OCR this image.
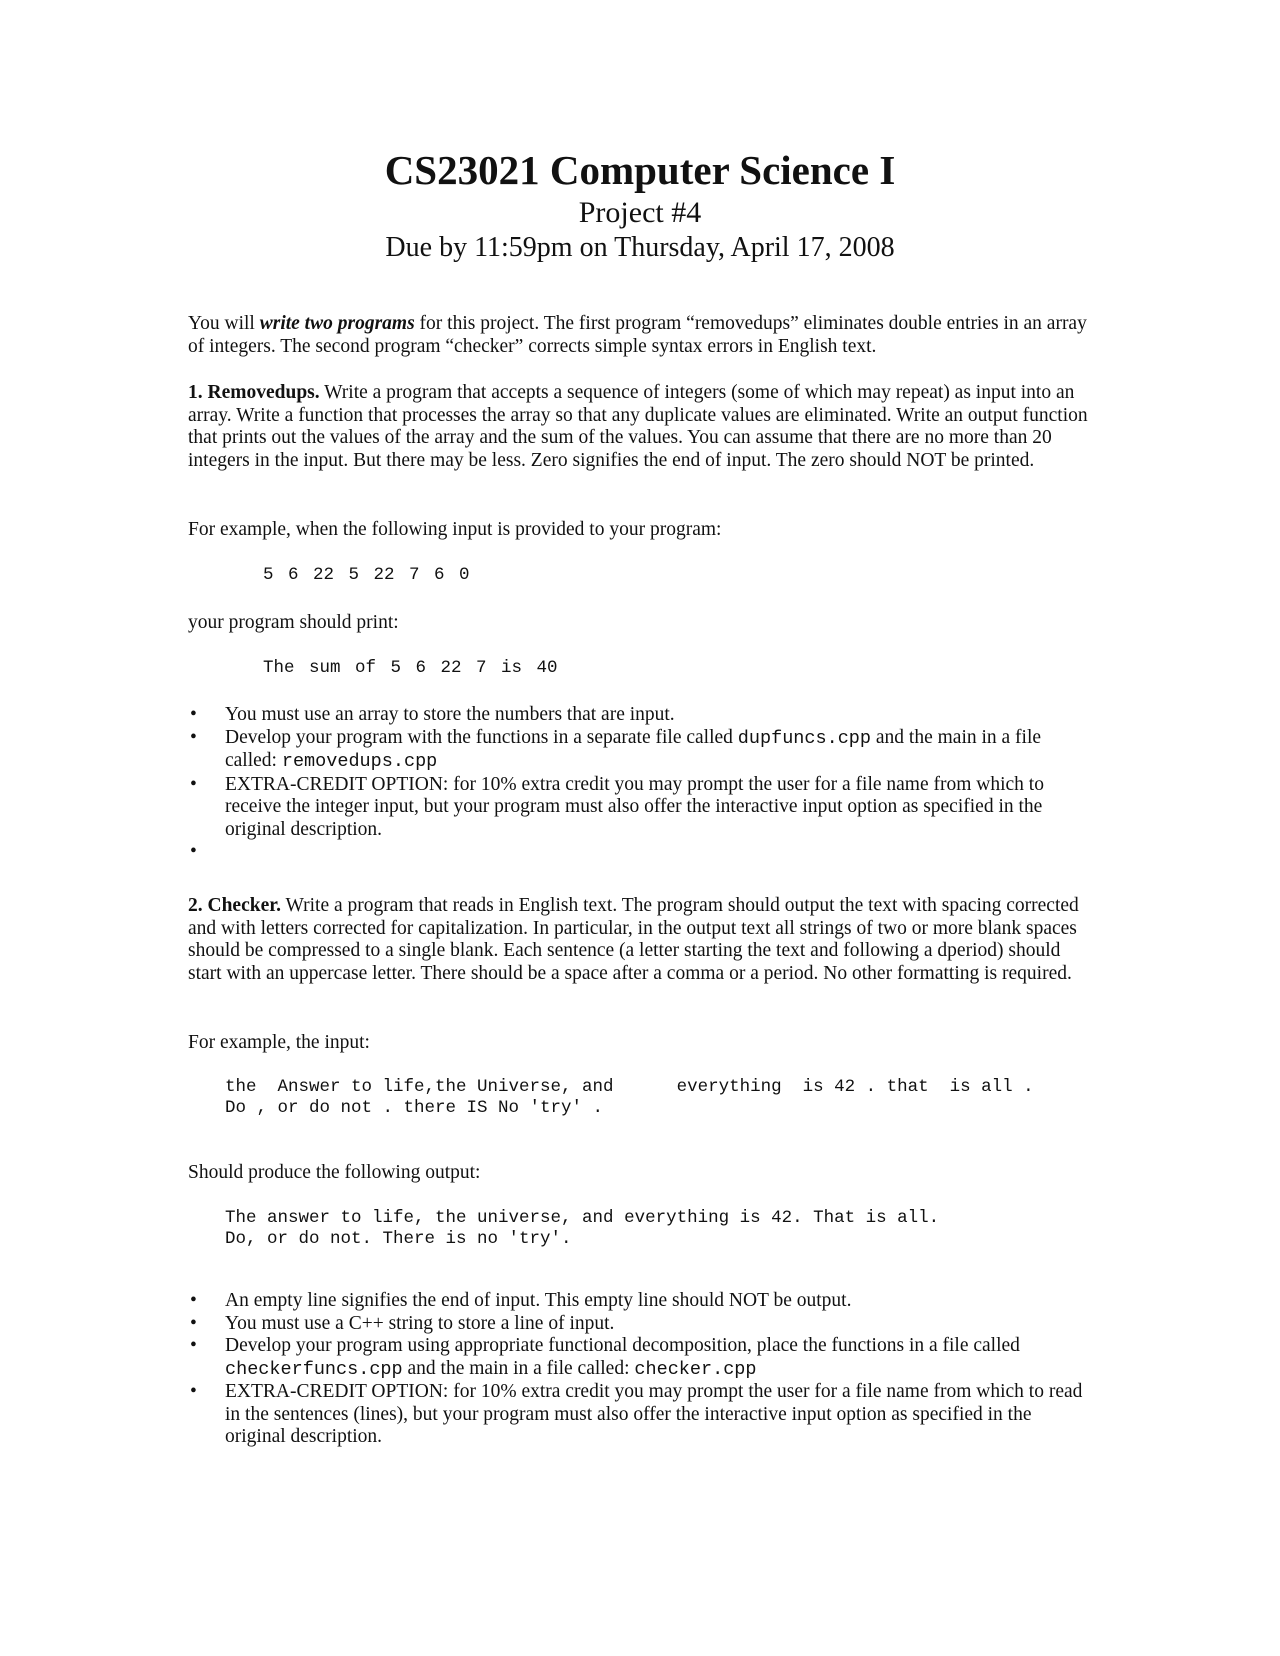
CS23021 Computer Science I
Project #4
Due by 11:59pm on Thursday, April 17, 2008

You will write two programs for this project. The first program “removedups” eliminates double entries in an array of integers. The second program “checker” corrects simple syntax errors in English text.

1. Removedups. Write a program that accepts a sequence of integers (some of which may repeat) as input into an array. Write a function that processes the array so that any duplicate values are eliminated. Write an output function that prints out the values of the array and the sum of the values. You can assume that there are no more than 20 integers in the input. But there may be less. Zero signifies the end of input. The zero should NOT be printed.

For example, when the following input is provided to your program:

5 6 22 5 22 7 6 0

your program should print:

The sum of 5 6 22 7 is 40

• You must use an array to store the numbers that are input.
• Develop your program with the functions in a separate file called dupfuncs.cpp and the main in a file called: removedups.cpp
• EXTRA-CREDIT OPTION: for 10% extra credit you may prompt the user for a file name from which to receive the integer input, but your program must also offer the interactive input option as specified in the original description.
•

2. Checker. Write a program that reads in English text. The program should output the text with spacing corrected and with letters corrected for capitalization. In particular, in the output text all strings of two or more blank spaces should be compressed to a single blank. Each sentence (a letter starting the text and following a dperiod) should start with an uppercase letter. There should be a space after a comma or a period. No other formatting is required.

For example, the input:

the  Answer to life,the Universe, and      everything  is 42 . that  is all .

Do , or do not . there IS No 'try' .

Should produce the following output:

The answer to life, the universe, and everything is 42. That is all.

Do, or do not. There is no 'try'.

• An empty line signifies the end of input. This empty line should NOT be output.
• You must use a C++ string to store a line of input.
• Develop your program using appropriate functional decomposition, place the functions in a file called checkerfuncs.cpp and the main in a file called: checker.cpp
• EXTRA-CREDIT OPTION: for 10% extra credit you may prompt the user for a file name from which to read in the sentences (lines), but your program must also offer the interactive input option as specified in the original description.
